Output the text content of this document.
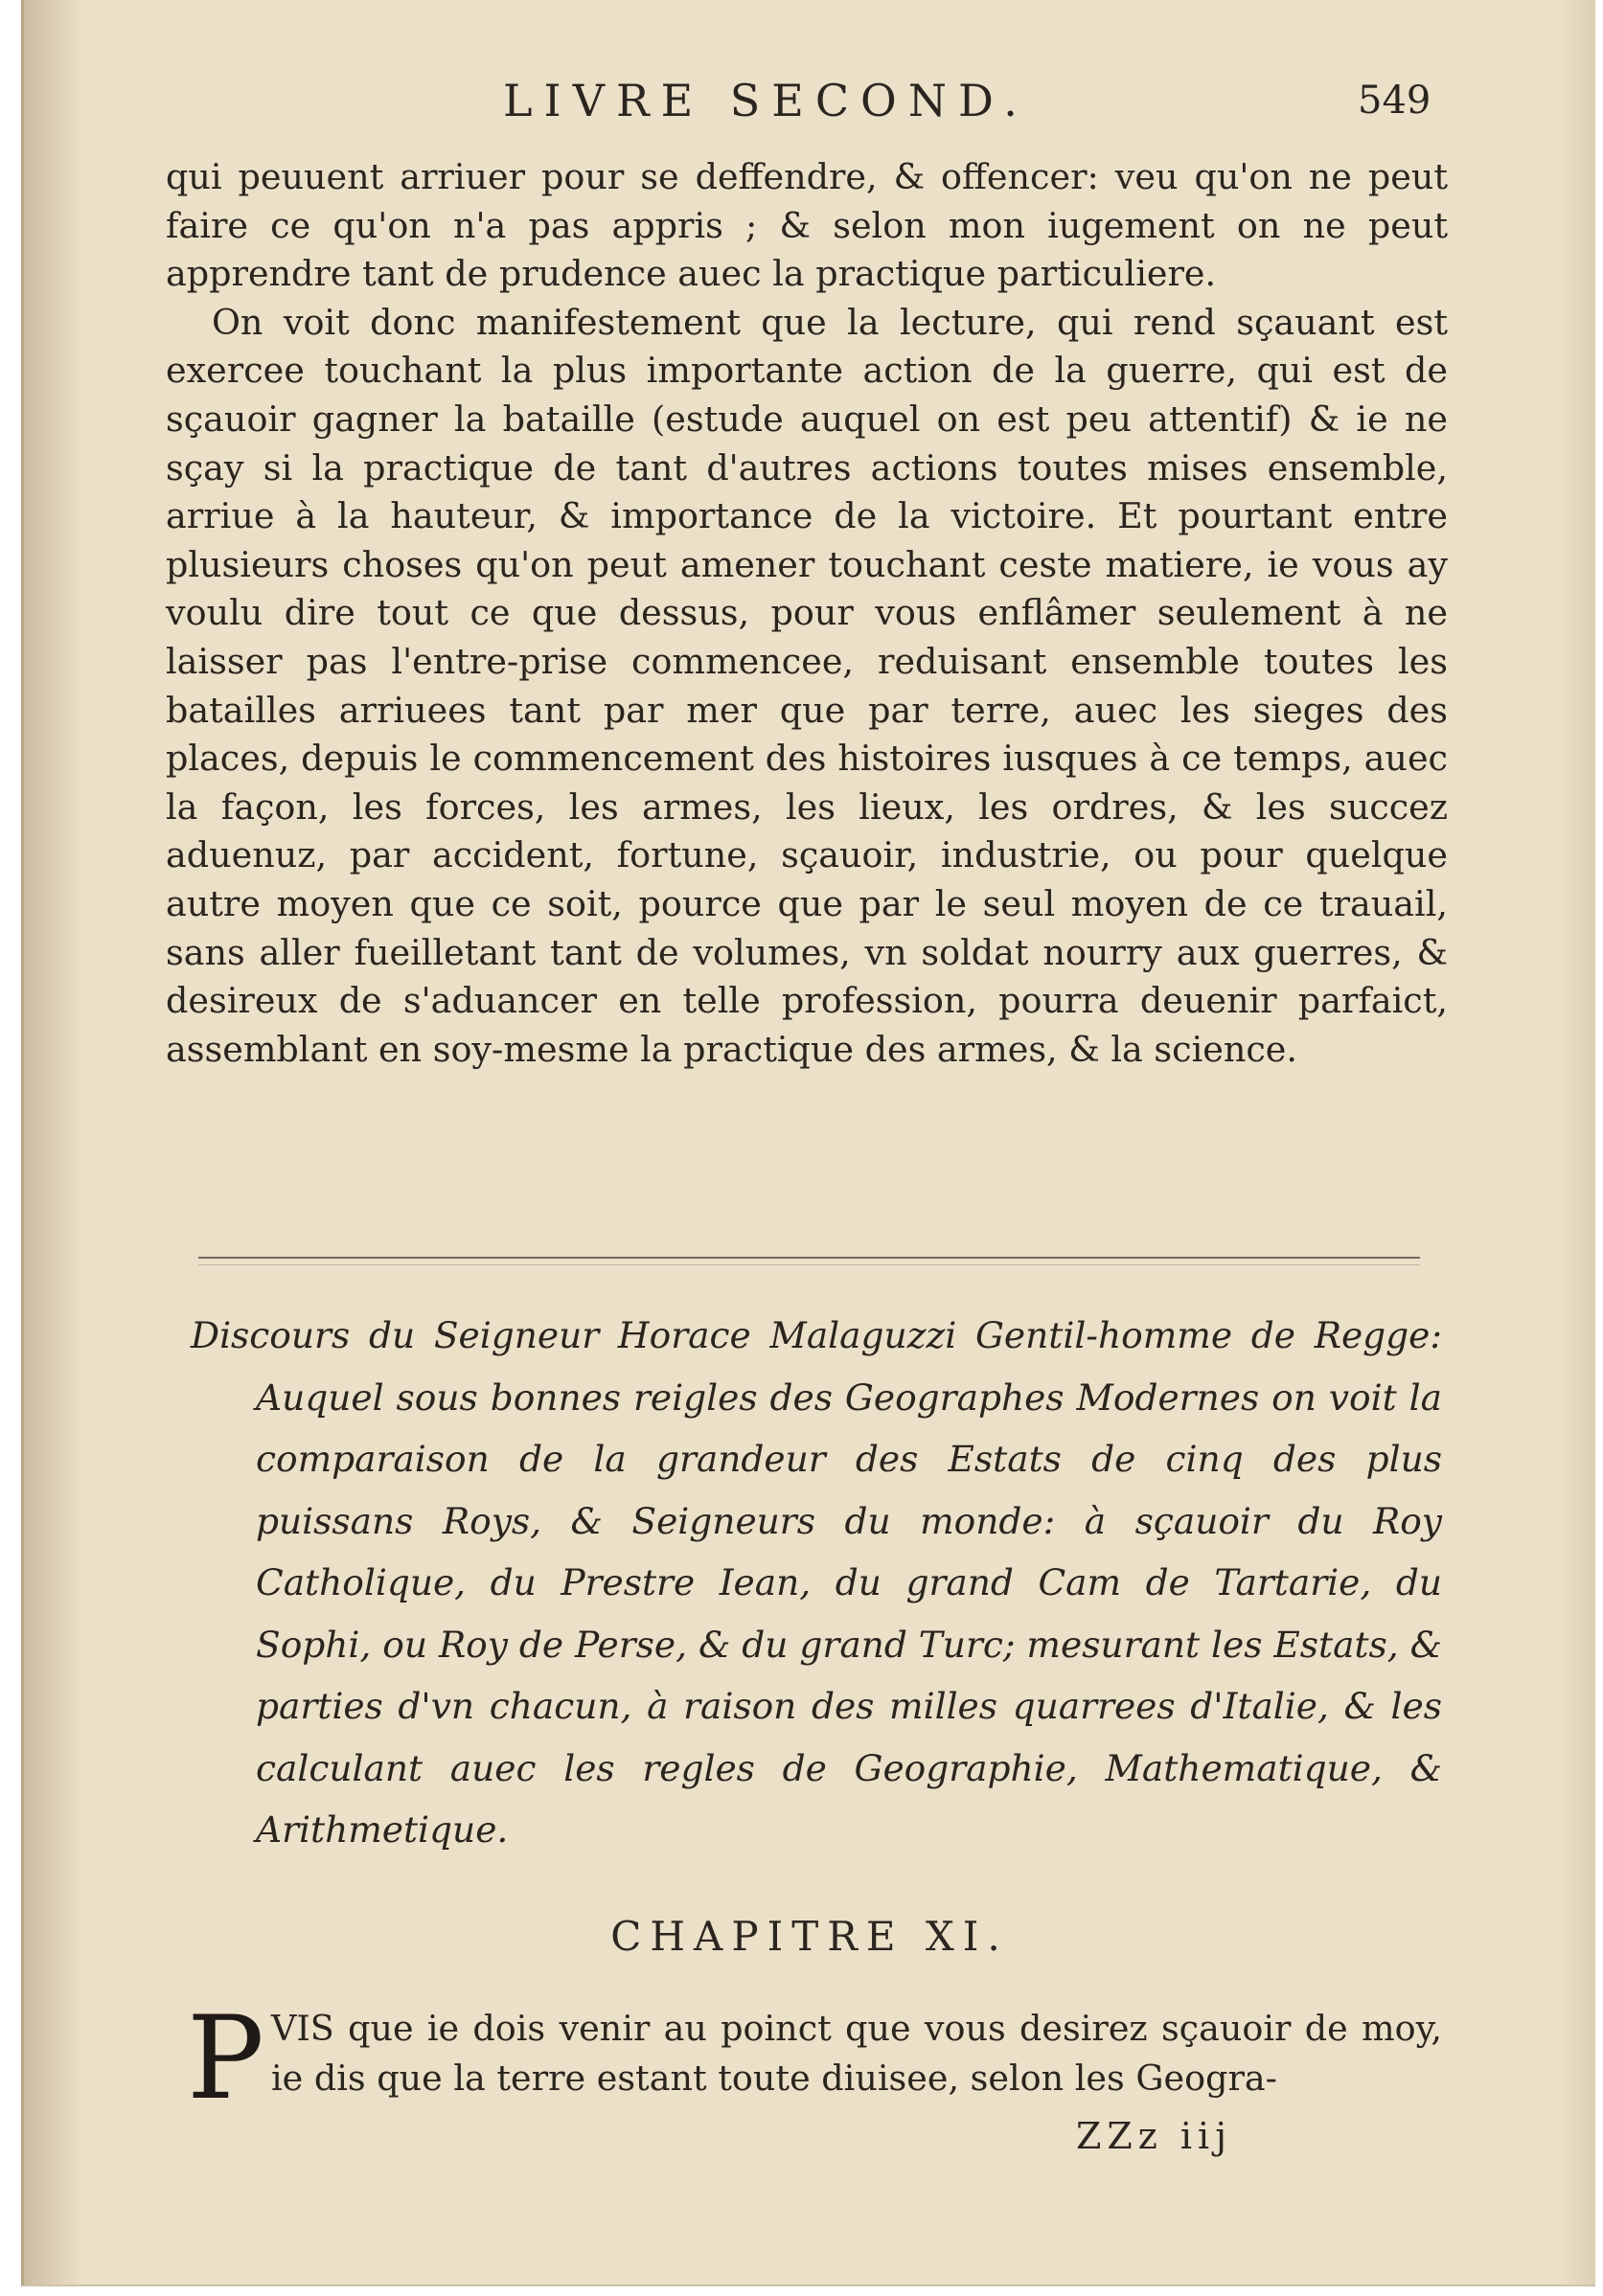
LIVRE SECOND.	549

qui peuuent arriuer pour se deffendre, & offencer: veu qu'on ne peut faire ce qu'on n'a pas appris ; & selon mon iugement on ne peut apprendre tant de prudence auec la practique particuliere.

On voit donc manifestement que la lecture, qui rend sçauant est exercee touchant la plus importante action de la guerre, qui est de sçauoir gagner la bataille (estude auquel on est peu attentif) & ie ne sçay si la practique de tant d'autres actions toutes mises ensemble, arriue à la hauteur, & importance de la victoire. Et pourtant entre plusieurs choses qu'on peut amener touchant ceste matiere, ie vous ay voulu dire tout ce que dessus, pour vous enflâmer seulement à ne laisser pas l'entre-prise commencee, reduisant ensemble toutes les batailles arriuees tant par mer que par terre, auec les sieges des places, depuis le commencement des histoires iusques à ce temps, auec la façon, les forces, les armes, les lieux, les ordres, & les succez aduenuz, par accident, fortune, sçauoir, industrie, ou pour quelque autre moyen que ce soit, pource que par le seul moyen de ce trauail, sans aller fueilletant tant de volumes, vn soldat nourry aux guerres, & desireux de s'aduancer en telle profession, pourra deuenir parfaict, assemblant en soy-mesme la practique des armes, & la science.

Discours du Seigneur Horace Malaguzzi Gentil-homme de Regge: Auquel sous bonnes reigles des Geographes Modernes on voit la comparaison de la grandeur des Estats de cinq des plus puissans Roys, & Seigneurs du monde: à sçauoir du Roy Catholique, du Prestre Iean, du grand Cam de Tartarie, du Sophi, ou Roy de Perse, & du grand Turc; mesurant les Estats, & parties d'vn chacun, à raison des milles quarrees d'Italie, & les calculant auec les regles de Geographie, Mathematique, & Arithmetique.
CHAPITRE XI.
P VIS que ie dois venir au poinct que vous desirez sçauoir de moy, ie dis que la terre estant toute diuisee, selon les Geogra-
ZZz iij
